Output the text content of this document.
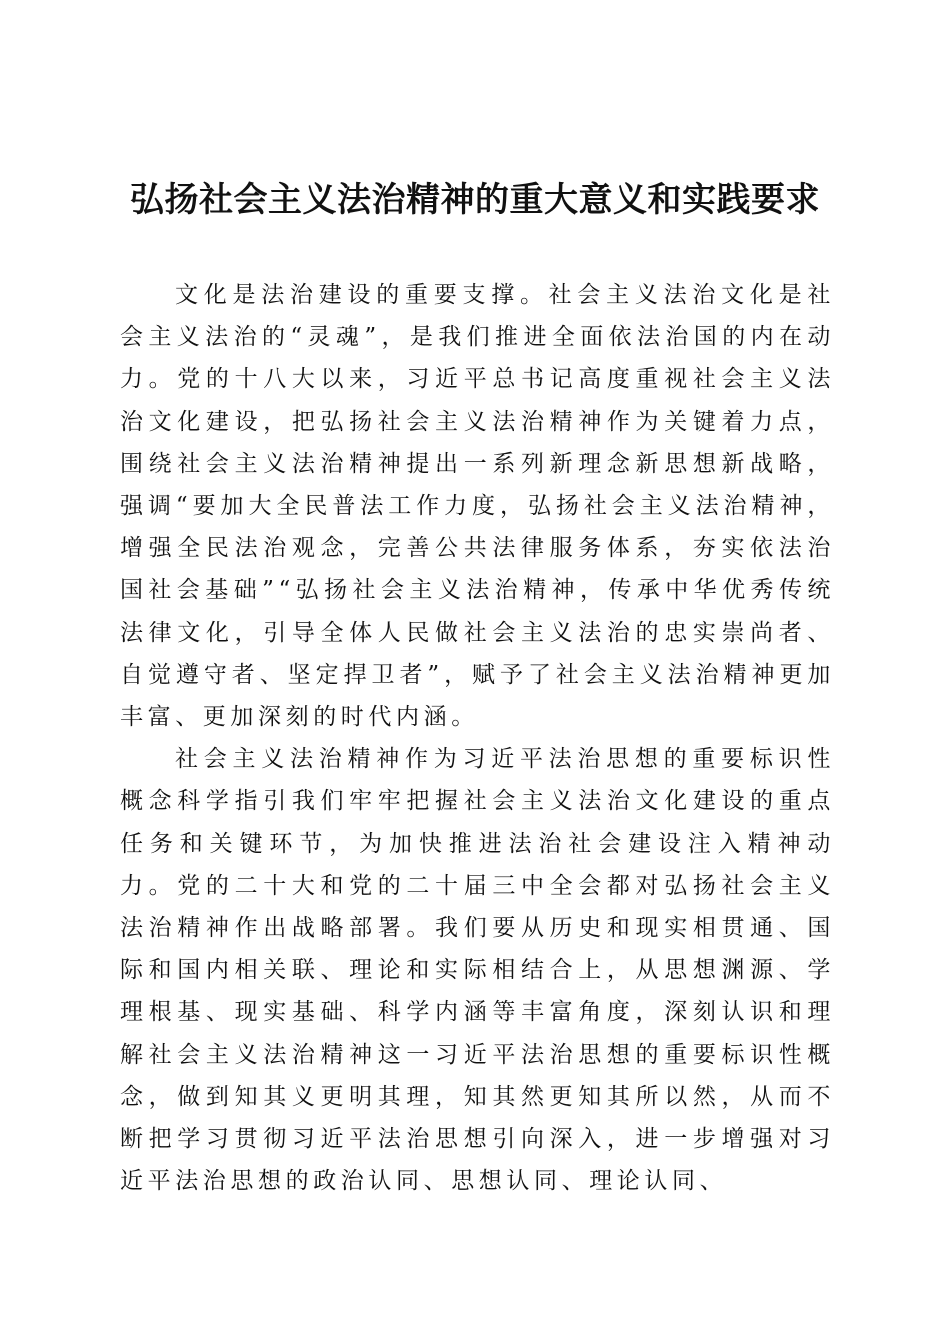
弘扬社会主义法治精神的重大意义和实践要求

文化是法治建设的重要支撑。社会主义法治文化是社会主义法治的“灵魂”，是我们推进全面依法治国的内在动力。党的十八大以来，习近平总书记高度重视社会主义法治文化建设，把弘扬社会主义法治精神作为关键着力点，围绕社会主义法治精神提出一系列新理念新思想新战略，强调“要加大全民普法工作力度，弘扬社会主义法治精神，增强全民法治观念，完善公共法律服务体系，夯实依法治国社会基础”“弘扬社会主义法治精神，传承中华优秀传统法律文化，引导全体人民做社会主义法治的忠实崇尚者、自觉遵守者、坚定捍卫者”，赋予了社会主义法治精神更加丰富、更加深刻的时代内涵。

社会主义法治精神作为习近平法治思想的重要标识性概念科学指引我们牢牢把握社会主义法治文化建设的重点任务和关键环节，为加快推进法治社会建设注入精神动力。党的二十大和党的二十届三中全会都对弘扬社会主义法治精神作出战略部署。我们要从历史和现实相贯通、国际和国内相关联、理论和实际相结合上，从思想渊源、学理根基、现实基础、科学内涵等丰富角度，深刻认识和理解社会主义法治精神这一习近平法治思想的重要标识性概念，做到知其义更明其理，知其然更知其所以然，从而不断把学习贯彻习近平法治思想引向深入，进一步增强对习近平法治思想的政治认同、思想认同、理论认同、
